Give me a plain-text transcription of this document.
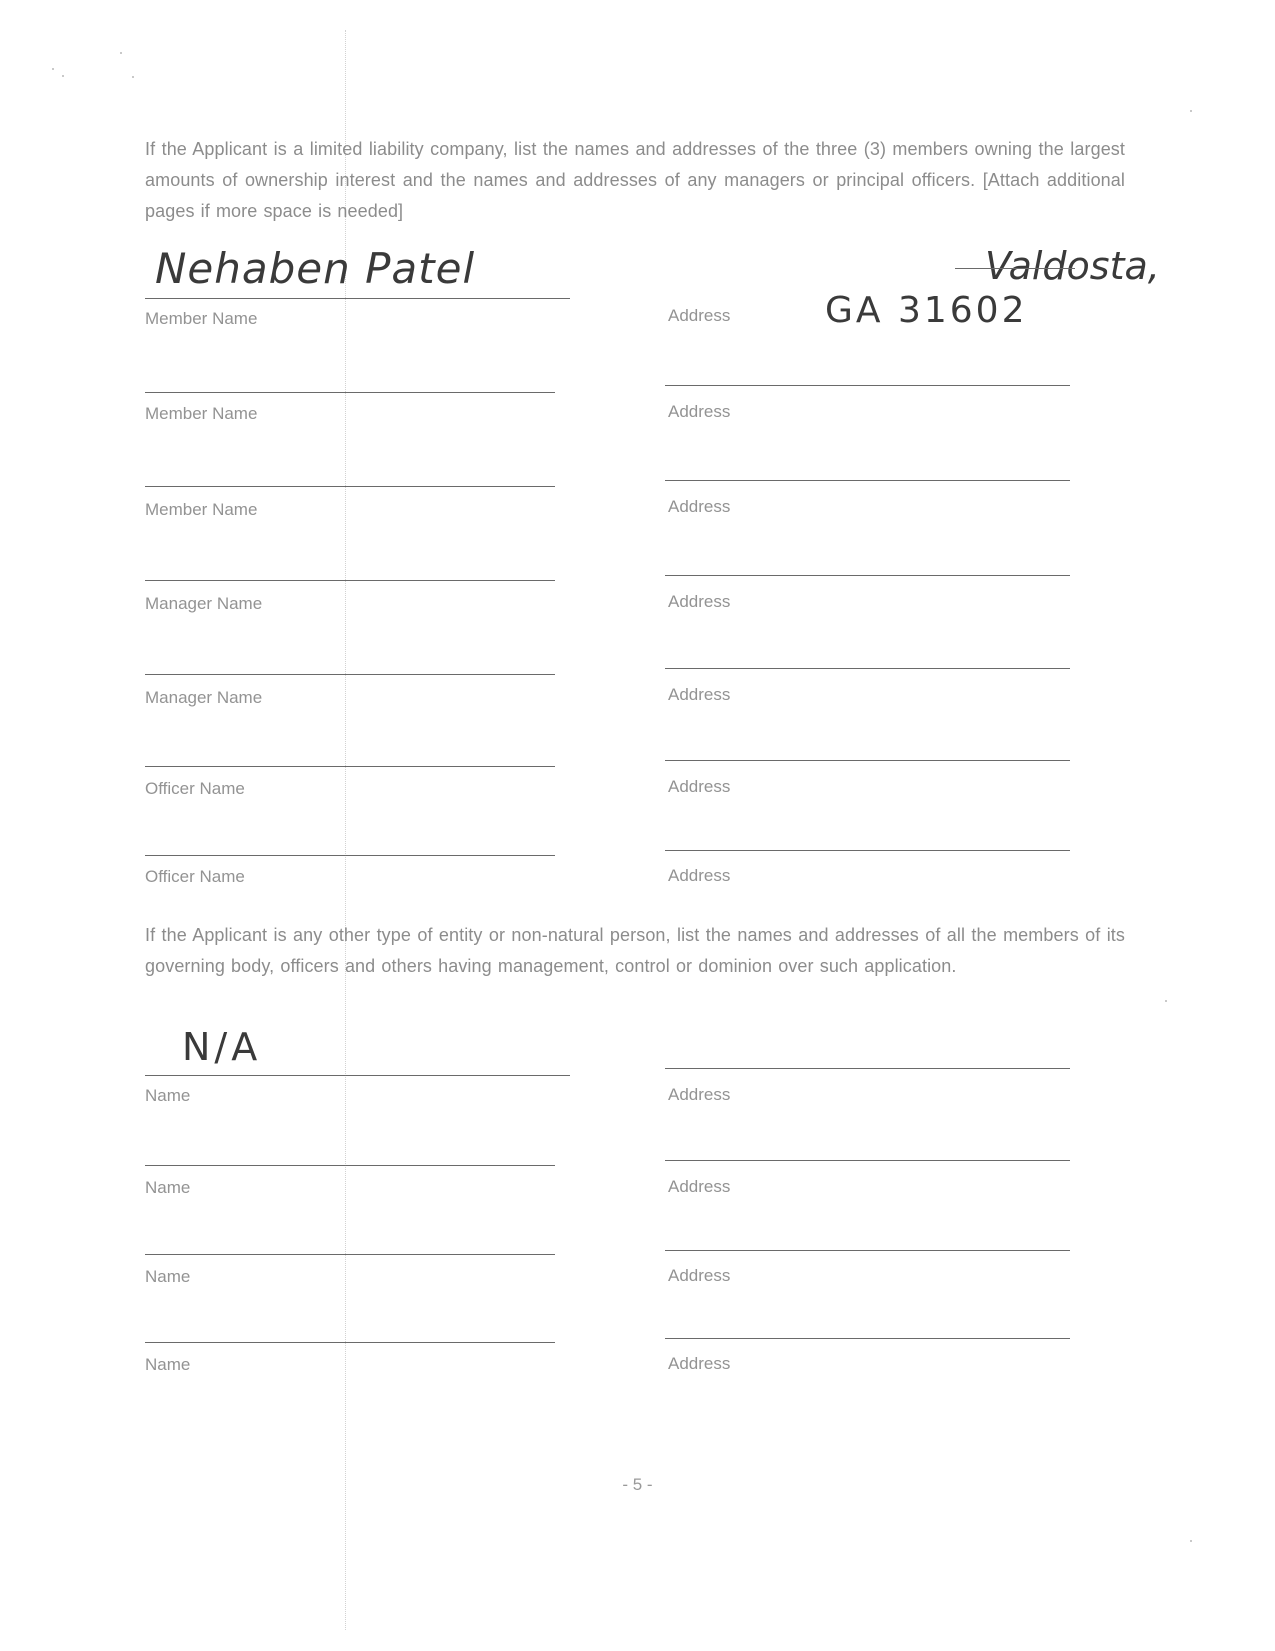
If the Applicant is a limited liability company, list the names and addresses of the three (3) members owning the largest amounts of ownership interest and the names and addresses of any managers or principal officers. [Attach additional pages if more space is needed]
Nehaben Patel	Valdosta,
GA 31602
Member Name	Address
Member Name	Address
Member Name	Address
Manager Name	Address
Manager Name	Address
Officer Name	Address
Officer Name	Address
If the Applicant is any other type of entity or non-natural person, list the names and addresses of all the members of its governing body, officers and others having management, control or dominion over such application.
N/A
Name	Address
Name	Address
Name	Address
Name	Address
- 5 -
